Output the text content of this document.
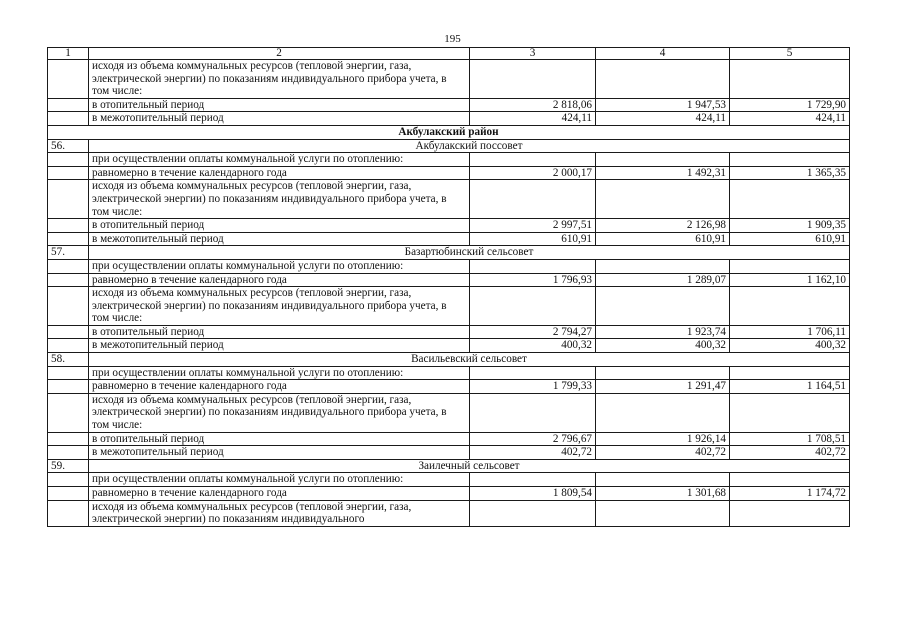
195
1	2	3	4	5
	исходя из объема коммунальных ресурсов (тепловой энергии, газа, электрической энергии) по показаниям индивидуального прибора учета, в том числе:			
	в отопительный период	2 818,06	1 947,53	1 729,90
	в межотопительный период	424,11	424,11	424,11
Акбулакский район				
56.	Акбулакский поссовет			
	при осуществлении оплаты коммунальной услуги по отоплению:			
	равномерно в течение календарного года	2 000,17	1 492,31	1 365,35
	исходя из объема коммунальных ресурсов (тепловой энергии, газа, электрической энергии) по показаниям индивидуального прибора учета, в том числе:			
	в отопительный период	2 997,51	2 126,98	1 909,35
	в межотопительный период	610,91	610,91	610,91
57.	Базартюбинский сельсовет			
	при осуществлении оплаты коммунальной услуги по отоплению:			
	равномерно в течение календарного года	1 796,93	1 289,07	1 162,10
	исходя из объема коммунальных ресурсов (тепловой энергии, газа, электрической энергии) по показаниям индивидуального прибора учета, в том числе:			
	в отопительный период	2 794,27	1 923,74	1 706,11
	в межотопительный период	400,32	400,32	400,32
58.	Васильевский сельсовет			
	при осуществлении оплаты коммунальной услуги по отоплению:			
	равномерно в течение календарного года	1 799,33	1 291,47	1 164,51
	исходя из объема коммунальных ресурсов (тепловой энергии, газа, электрической энергии) по показаниям индивидуального прибора учета, в том числе:			
	в отопительный период	2 796,67	1 926,14	1 708,51
	в межотопительный период	402,72	402,72	402,72
59.	Заилечный сельсовет			
	при осуществлении оплаты коммунальной услуги по отоплению:			
	равномерно в течение календарного года	1 809,54	1 301,68	1 174,72
	исходя из объема коммунальных ресурсов (тепловой энергии, газа, электрической энергии) по показаниям индивидуального			
